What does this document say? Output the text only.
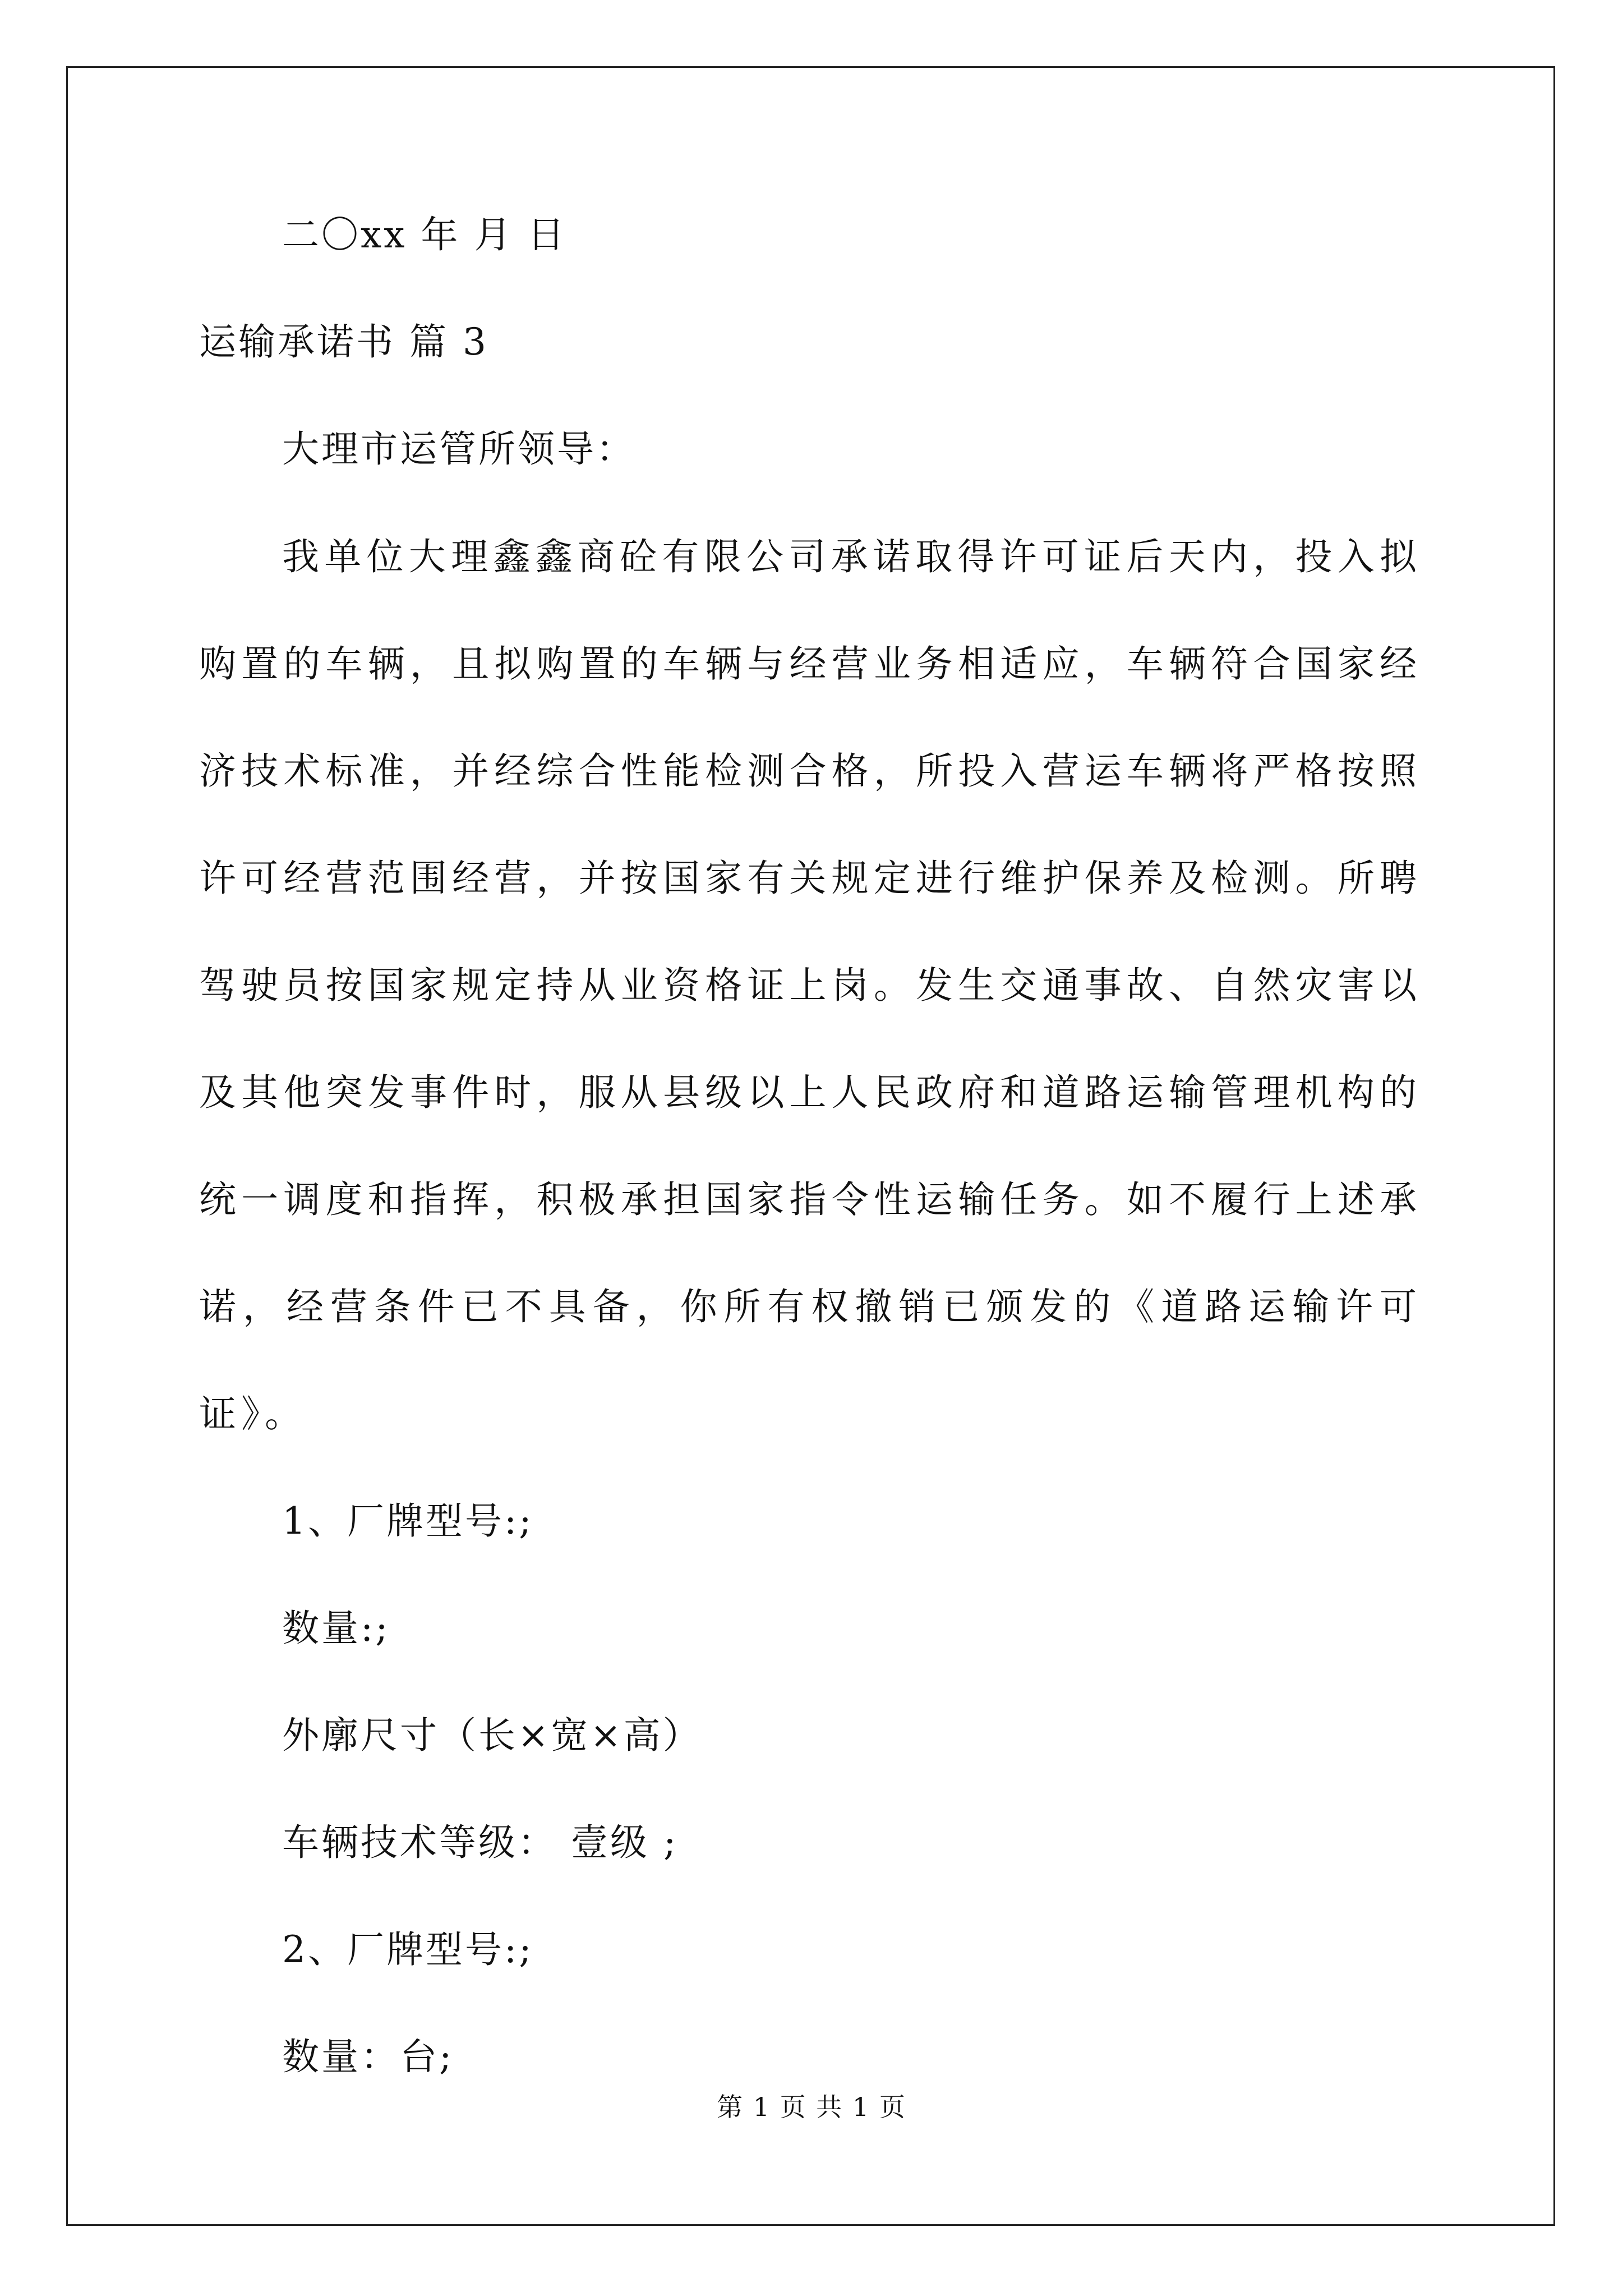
二〇xx 年 月 日
运输承诺书 篇 3
大理市运管所领导：
我单位大理鑫鑫商砼有限公司承诺取得许可证后天内，投入拟购置的车辆，且拟购置的车辆与经营业务相适应，车辆符合国家经济技术标准，并经综合性能检测合格，所投入营运车辆将严格按照许可经营范围经营，并按国家有关规定进行维护保养及检测。所聘驾驶员按国家规定持从业资格证上岗。发生交通事故、自然灾害以及其他突发事件时，服从县级以上人民政府和道路运输管理机构的统一调度和指挥，积极承担国家指令性运输任务。如不履行上述承诺，经营条件已不具备，你所有权撤销已颁发的《道路运输许可证》。
1、厂牌型号:;
数量:;
外廓尺寸（长×宽×高）
车辆技术等级： 壹级 ;
2、厂牌型号:;
数量：台;
第 1 页 共 1 页
